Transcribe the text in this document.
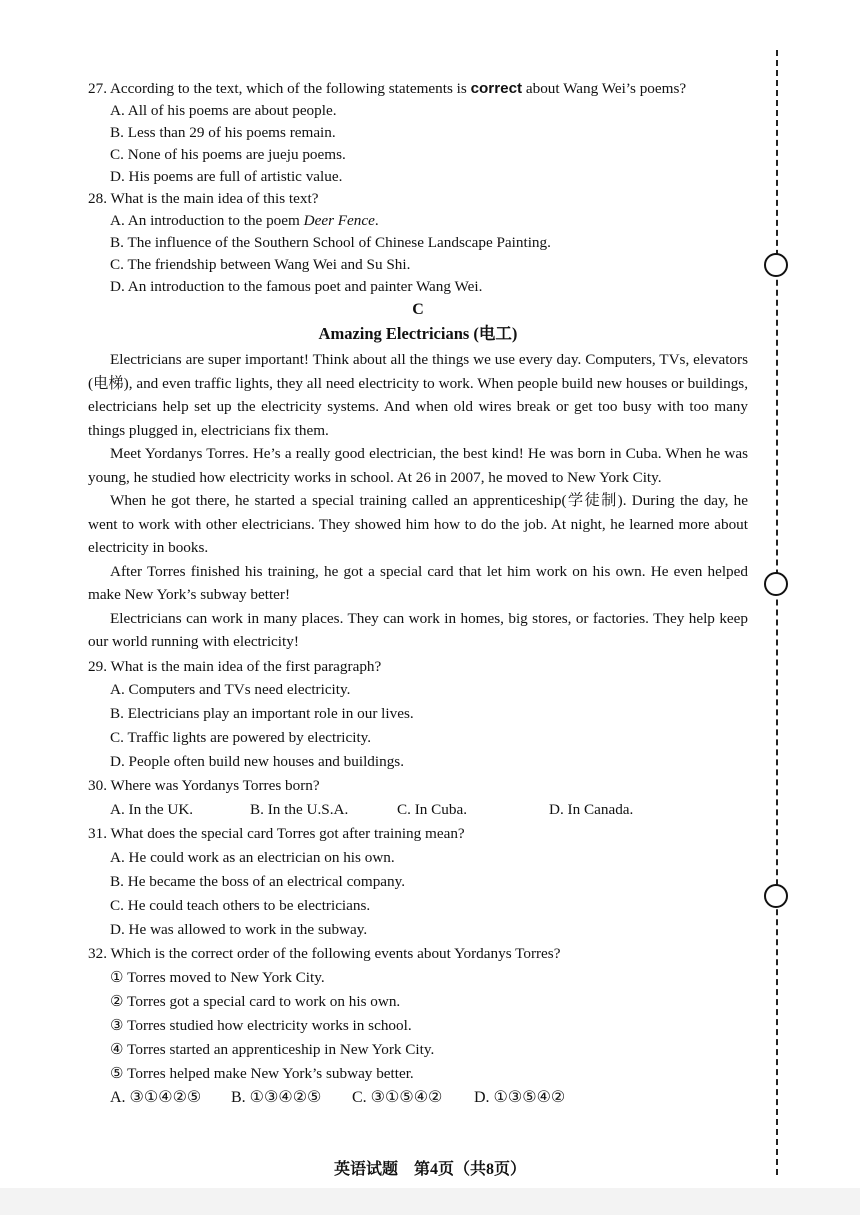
27. According to the text, which of the following statements is correct about Wang Wei’s poems?
A. All of his poems are about people.
B. Less than 29 of his poems remain.
C. None of his poems are jueju poems.
D. His poems are full of artistic value.
28. What is the main idea of this text?
A. An introduction to the poem Deer Fence.
B. The influence of the Southern School of Chinese Landscape Painting.
C. The friendship between Wang Wei and Su Shi.
D. An introduction to the famous poet and painter Wang Wei.
C
Amazing Electricians (电工)
Electricians are super important! Think about all the things we use every day. Computers, TVs, elevators (电梯), and even traffic lights, they all need electricity to work. When people build new houses or buildings, electricians help set up the electricity systems. And when old wires break or get too busy with too many things plugged in, electricians fix them.
Meet Yordanys Torres. He’s a really good electrician, the best kind! He was born in Cuba. When he was young, he studied how electricity works in school. At 26 in 2007, he moved to New York City.
When he got there, he started a special training called an apprenticeship(学徒制). During the day, he went to work with other electricians. They showed him how to do the job. At night, he learned more about electricity in books.
After Torres finished his training, he got a special card that let him work on his own. He even helped make New York’s subway better!
Electricians can work in many places. They can work in homes, big stores, or factories. They help keep our world running with electricity!
29. What is the main idea of the first paragraph?
A. Computers and TVs need electricity.
B. Electricians play an important role in our lives.
C. Traffic lights are powered by electricity.
D. People often build new houses and buildings.
30. Where was Yordanys Torres born?
A. In the UK.	B. In the U.S.A.	C. In Cuba.	D. In Canada.
31. What does the special card Torres got after training mean?
A. He could work as an electrician on his own.
B. He became the boss of an electrical company.
C. He could teach others to be electricians.
D. He was allowed to work in the subway.
32. Which is the correct order of the following events about Yordanys Torres?
① Torres moved to New York City.
② Torres got a special card to work on his own.
③ Torres studied how electricity works in school.
④ Torres started an apprenticeship in New York City.
⑤ Torres helped make New York’s subway better.
A. ③①④②⑤	B. ①③④②⑤	C. ③①⑤④②	D. ①③⑤④②
英语试题　第4页（共8页）
